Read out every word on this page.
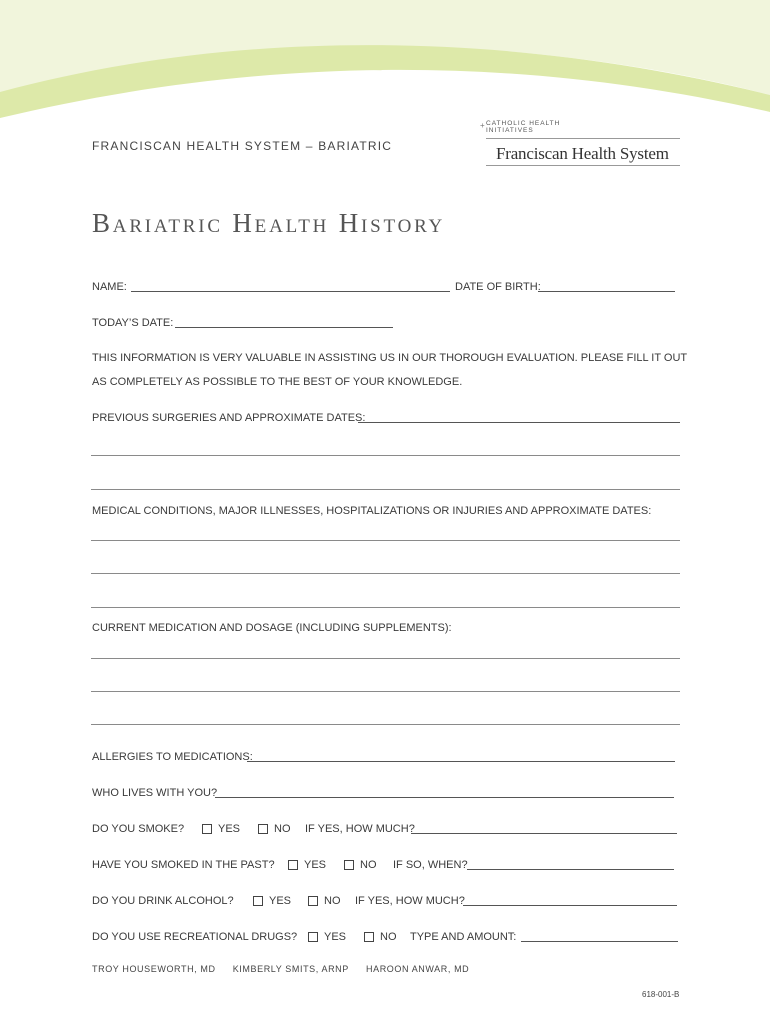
FRANCISCAN HEALTH SYSTEM – BARIATRIC
+ CATHOLIC HEALTH
INITIATIVES
Franciscan Health System
Bariatric Health History
NAME:	DATE OF BIRTH:
TODAY’S DATE:
THIS INFORMATION IS VERY VALUABLE IN ASSISTING US IN OUR THOROUGH EVALUATION. PLEASE FILL IT OUT
AS COMPLETELY AS POSSIBLE TO THE BEST OF YOUR KNOWLEDGE.
PREVIOUS SURGERIES AND APPROXIMATE DATES:
MEDICAL CONDITIONS, MAJOR ILLNESSES, HOSPITALIZATIONS OR INJURIES AND APPROXIMATE DATES:
CURRENT MEDICATION AND DOSAGE (INCLUDING SUPPLEMENTS):
ALLERGIES TO MEDICATIONS:
WHO LIVES WITH YOU?
DO YOU SMOKE?	YES	NO IF YES, HOW MUCH?
HAVE YOU SMOKED IN THE PAST?	YES	NO IF SO, WHEN?
DO YOU DRINK ALCOHOL?	YES	NO IF YES, HOW MUCH?
DO YOU USE RECREATIONAL DRUGS? YES	NO TYPE AND AMOUNT:
TROY HOUSEWORTH, MD KIMBERLY SMITS, ARNP HAROON ANWAR, MD
618-001-B
